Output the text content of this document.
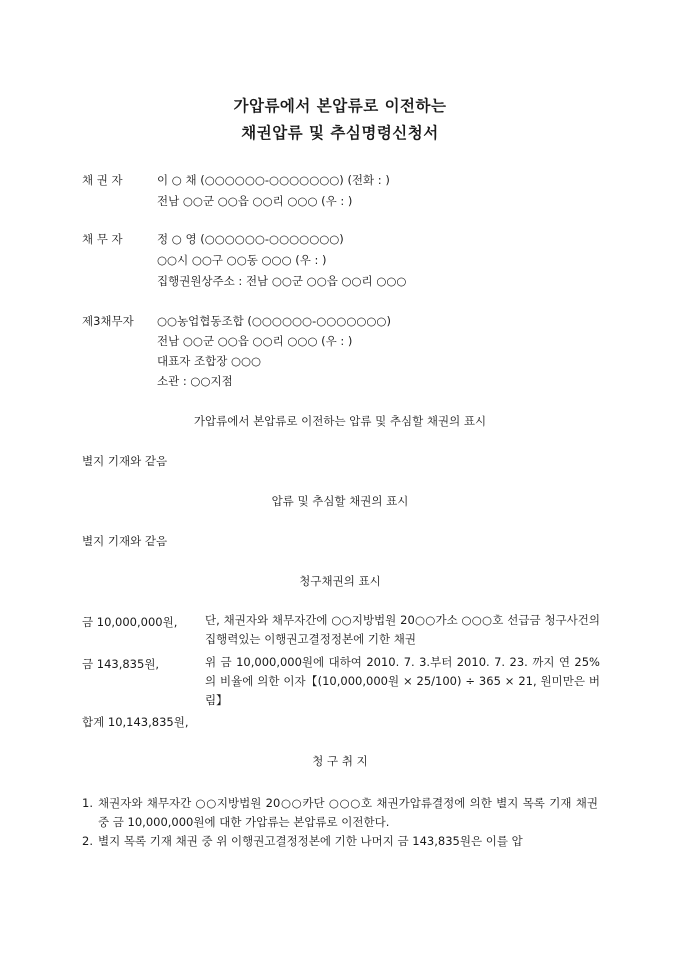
가압류에서 본압류로 이전하는
채권압류 및 추심명령신청서
채 권 자	이 ○ 채 (○○○○○○-○○○○○○○) (전화 : )
전남 ○○군 ○○읍 ○○리 ○○○ (우 : )
채 무 자	정 ○ 영 (○○○○○○-○○○○○○○)
○○시 ○○구 ○○동 ○○○ (우 : )
집행권원상주소 : 전남 ○○군 ○○읍 ○○리 ○○○
제3채무자 ○○농업협동조합 (○○○○○○-○○○○○○○)
전남 ○○군 ○○읍 ○○리 ○○○ (우 : )
대표자 조합장 ○○○
소관 : ○○지점
가압류에서 본압류로 이전하는 압류 및 추심할 채권의 표시
별지 기재와 같음
압류 및 추심할 채권의 표시
별지 기재와 같음
청구채권의 표시
금 10,000,000원, 단, 채권자와 채무자간에 ○○지방법원 20○○가소 ○○○호 선급금 청구사건의 집행력있는 이행권고결정정본에 기한 채권
금 143,835원,	위 금 10,000,000원에 대하여 2010. 7. 3.부터 2010. 7. 23. 까지 연 25%의 비율에 의한 이자【(10,000,000원 × 25/100) ÷ 365 × 21, 원미만은 버림】
합계 10,143,835원,
청 구 취 지
1. 채권자와 채무자간 ○○지방법원 20○○카단 ○○○호 채권가압류결정에 의한 별지 목록 기재 채권 중 금 10,000,000원에 대한 가압류는 본압류로 이전한다.
2. 별지 목록 기재 채권 중 위 이행권고결정정본에 기한 나머지 금 143,835원은 이를 압
